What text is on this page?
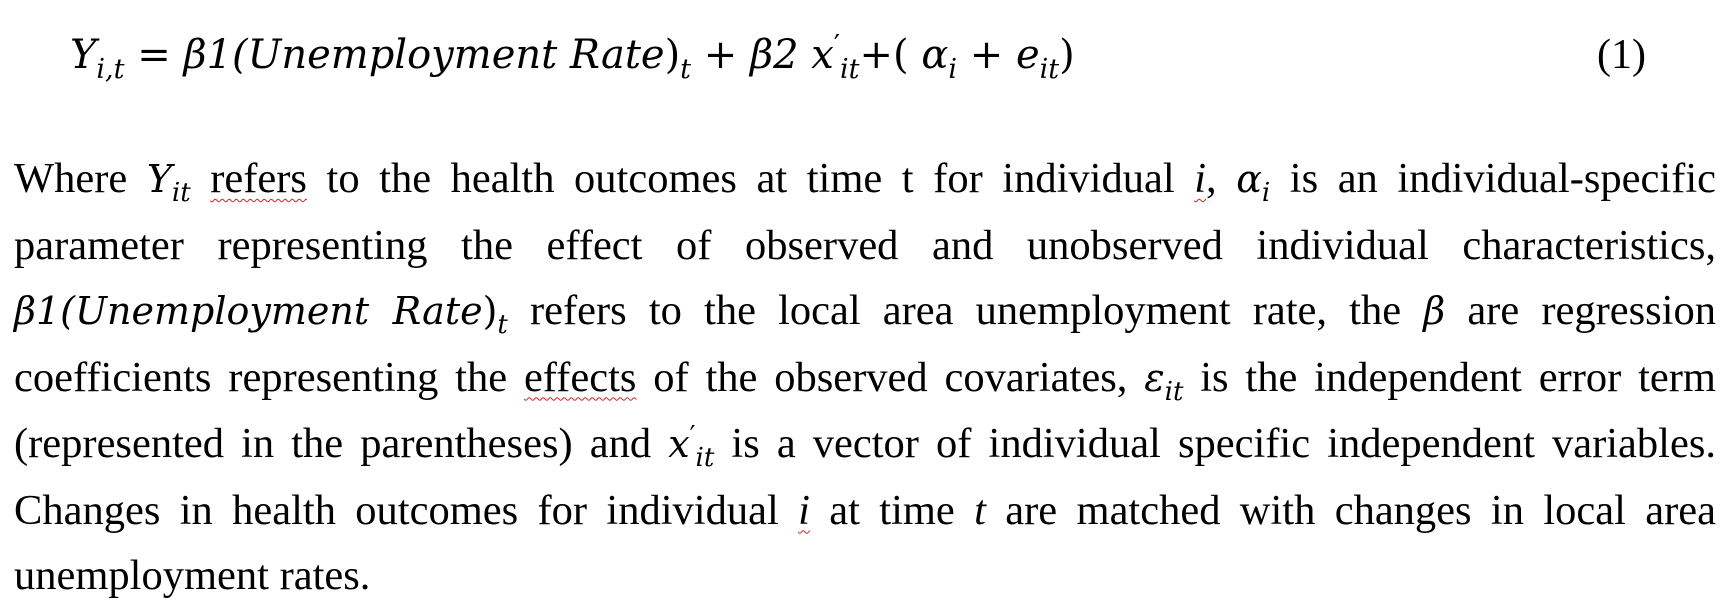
$Y_{i,t}$ = β1(Unemployment $Rate)_t + \beta 2$ $x'_{it}+$( $\alpha_i + e_{it}$)	(1)

Where $Y_{it}$ refers to the health outcomes at time t for individual i, $\alpha_i$ is an individual-specific parameter representing the effect of observed and unobserved individual characteristics, β1(Unemployment $Rate)_t$ refers to the local area unemployment rate, the β are regression coefficients representing the effects of the observed covariates, $\varepsilon_{it}$ is the independent error term (represented in the parentheses) and $x'_{it}$ is a vector of individual specific independent variables. Changes in health outcomes for individual i at time t are matched with changes in local area unemployment rates.
